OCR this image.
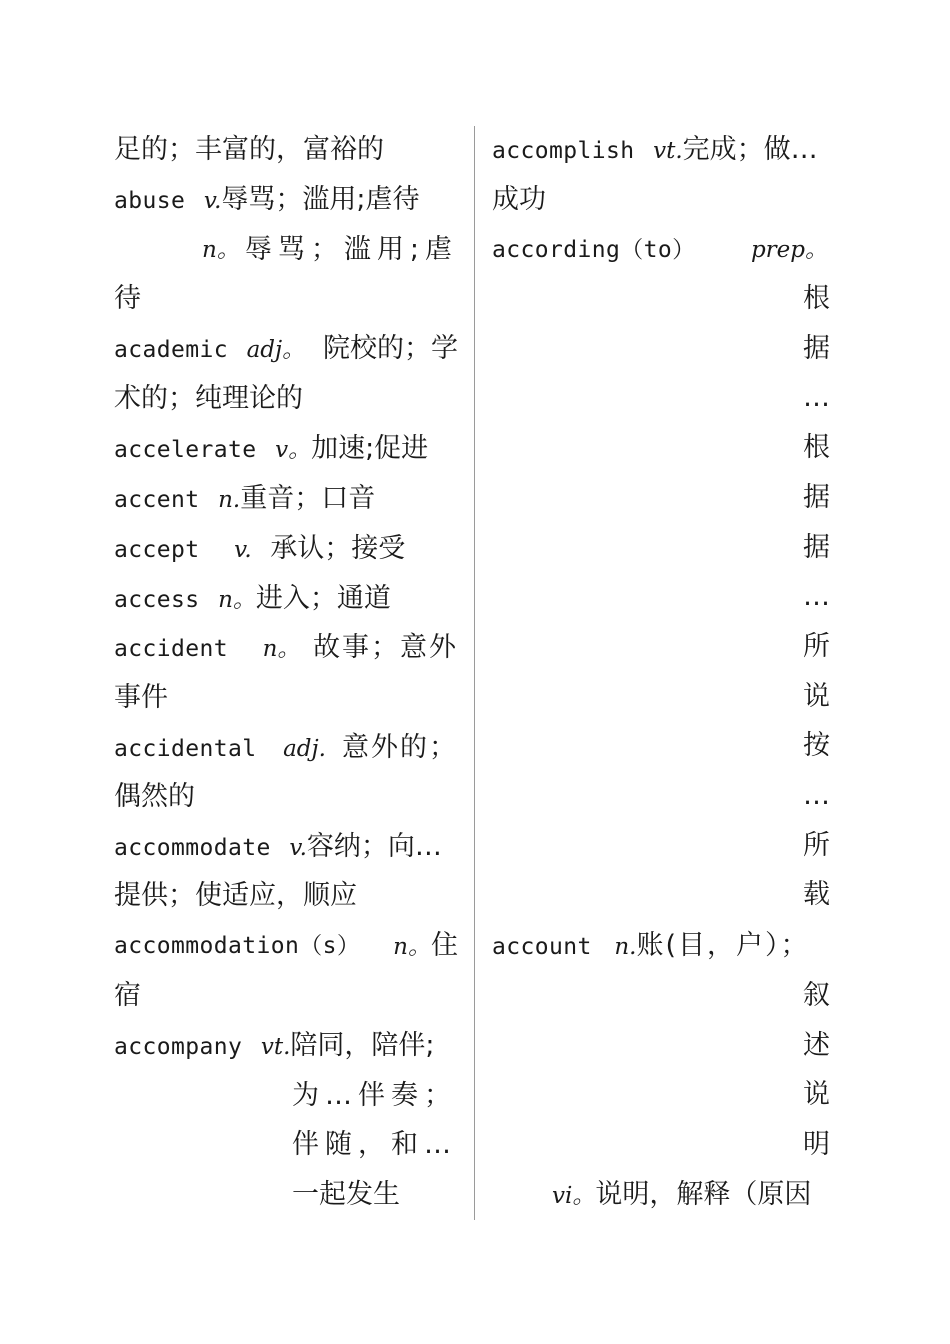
足的；丰富的，富裕的
abuse v.辱骂；滥用;虐待
n。 辱骂；滥用;虐
待
academic adj。 院校的；学
术的；纯理论的
accelerate v。加速;促进
accent n.重音；口音
accept v. 承认；接受
access n。进入；通道
accident n。 故事；意外
事件
accidental adj. 意外的；
偶然的
accommodate v.容纳；向…
提供；使适应，顺应
accommodation（s） n。住
宿
accompany vt.陪同，陪伴;
为…伴奏；
伴随，和…
一起发生
accomplish vt.完成；做…
成功
according（to） prep。
根
据
…
根
据
据
…
所
说
按
…
所
载
account n.账(目，户）；
叙
述
说
明
vi。说明，解释（原因
